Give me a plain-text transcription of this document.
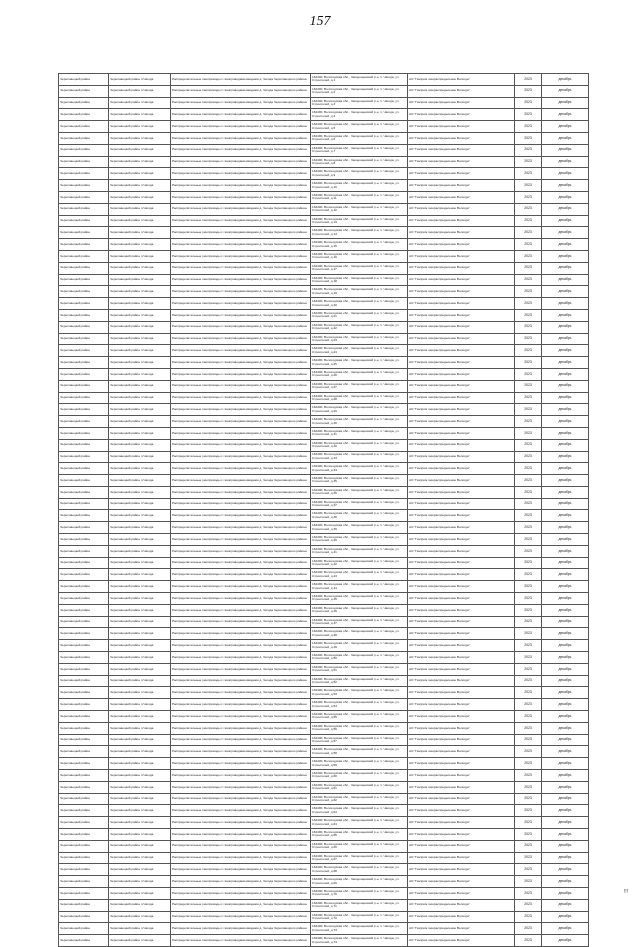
157
Череповецкий район	Череповецкий район п.Чагода	Распределительные газопроводы с газопроводами-вводами д. Чагода Череповецкого района	162400, Вологодская обл., Чагодощенский р-н, п. Чагода, ул. Строителей, д.1	АО "Газпром газораспределение Вологда"	2023	декабрь
Череповецкий район	Череповецкий район п.Чагода	Распределительные газопроводы с газопроводами-вводами д. Чагода Череповецкого района	162400, Вологодская обл., Чагодощенский р-н, п. Чагода, ул. Строителей, д.2	АО "Газпром газораспределение Вологда"	2023	декабрь
Череповецкий район	Череповецкий район п.Чагода	Распределительные газопроводы с газопроводами-вводами д. Чагода Череповецкого района	162400, Вологодская обл., Чагодощенский р-н, п. Чагода, ул. Строителей, д.3	АО "Газпром газораспределение Вологда"	2023	декабрь
Череповецкий район	Череповецкий район п.Чагода	Распределительные газопроводы с газопроводами-вводами д. Чагода Череповецкого района	162400, Вологодская обл., Чагодощенский р-н, п. Чагода, ул. Строителей, д.4	АО "Газпром газораспределение Вологда"	2023	декабрь
Череповецкий район	Череповецкий район п.Чагода	Распределительные газопроводы с газопроводами-вводами д. Чагода Череповецкого района	162400, Вологодская обл., Чагодощенский р-н, п. Чагода, ул. Строителей, д.5	АО "Газпром газораспределение Вологда"	2023	декабрь
Череповецкий район	Череповецкий район п.Чагода	Распределительные газопроводы с газопроводами-вводами д. Чагода Череповецкого района	162400, Вологодская обл., Чагодощенский р-н, п. Чагода, ул. Строителей, д.6	АО "Газпром газораспределение Вологда"	2023	декабрь
Череповецкий район	Череповецкий район п.Чагода	Распределительные газопроводы с газопроводами-вводами д. Чагода Череповецкого района	162400, Вологодская обл., Чагодощенский р-н, п. Чагода, ул. Строителей, д.7	АО "Газпром газораспределение Вологда"	2023	декабрь
Череповецкий район	Череповецкий район п.Чагода	Распределительные газопроводы с газопроводами-вводами д. Чагода Череповецкого района	162400, Вологодская обл., Чагодощенский р-н, п. Чагода, ул. Строителей, д.8	АО "Газпром газораспределение Вологда"	2023	декабрь
Череповецкий район	Череповецкий район п.Чагода	Распределительные газопроводы с газопроводами-вводами д. Чагода Череповецкого района	162400, Вологодская обл., Чагодощенский р-н, п. Чагода, ул. Строителей, д.9	АО "Газпром газораспределение Вологда"	2023	декабрь
Череповецкий район	Череповецкий район п.Чагода	Распределительные газопроводы с газопроводами-вводами д. Чагода Череповецкого района	162400, Вологодская обл., Чагодощенский р-н, п. Чагода, ул. Строителей, д.10	АО "Газпром газораспределение Вологда"	2023	декабрь
Череповецкий район	Череповецкий район п.Чагода	Распределительные газопроводы с газопроводами-вводами д. Чагода Череповецкого района	162400, Вологодская обл., Чагодощенский р-н, п. Чагода, ул. Строителей, д.11	АО "Газпром газораспределение Вологда"	2023	декабрь
Череповецкий район	Череповецкий район п.Чагода	Распределительные газопроводы с газопроводами-вводами д. Чагода Череповецкого района	162400, Вологодская обл., Чагодощенский р-н, п. Чагода, ул. Строителей, д.12	АО "Газпром газораспределение Вологда"	2023	декабрь
Череповецкий район	Череповецкий район п.Чагода	Распределительные газопроводы с газопроводами-вводами д. Чагода Череповецкого района	162400, Вологодская обл., Чагодощенский р-н, п. Чагода, ул. Строителей, д.13	АО "Газпром газораспределение Вологда"	2023	декабрь
Череповецкий район	Череповецкий район п.Чагода	Распределительные газопроводы с газопроводами-вводами д. Чагода Череповецкого района	162400, Вологодская обл., Чагодощенский р-н, п. Чагода, ул. Строителей, д.14	АО "Газпром газораспределение Вологда"	2023	декабрь
Череповецкий район	Череповецкий район п.Чагода	Распределительные газопроводы с газопроводами-вводами д. Чагода Череповецкого района	162400, Вологодская обл., Чагодощенский р-н, п. Чагода, ул. Строителей, д.15	АО "Газпром газораспределение Вологда"	2023	декабрь
Череповецкий район	Череповецкий район п.Чагода	Распределительные газопроводы с газопроводами-вводами д. Чагода Череповецкого района	162400, Вологодская обл., Чагодощенский р-н, п. Чагода, ул. Строителей, д.16	АО "Газпром газораспределение Вологда"	2023	декабрь
Череповецкий район	Череповецкий район п.Чагода	Распределительные газопроводы с газопроводами-вводами д. Чагода Череповецкого района	162400, Вологодская обл., Чагодощенский р-н, п. Чагода, ул. Строителей, д.17	АО "Газпром газораспределение Вологда"	2023	декабрь
Череповецкий район	Череповецкий район п.Чагода	Распределительные газопроводы с газопроводами-вводами д. Чагода Череповецкого района	162400, Вологодская обл., Чагодощенский р-н, п. Чагода, ул. Строителей, д.18	АО "Газпром газораспределение Вологда"	2023	декабрь
Череповецкий район	Череповецкий район п.Чагода	Распределительные газопроводы с газопроводами-вводами д. Чагода Череповецкого района	162400, Вологодская обл., Чагодощенский р-н, п. Чагода, ул. Строителей, д.19	АО "Газпром газораспределение Вологда"	2023	декабрь
Череповецкий район	Череповецкий район п.Чагода	Распределительные газопроводы с газопроводами-вводами д. Чагода Череповецкого района	162400, Вологодская обл., Чагодощенский р-н, п. Чагода, ул. Строителей, д.20	АО "Газпром газораспределение Вологда"	2023	декабрь
Череповецкий район	Череповецкий район п.Чагода	Распределительные газопроводы с газопроводами-вводами д. Чагода Череповецкого района	162400, Вологодская обл., Чагодощенский р-н, п. Чагода, ул. Строителей, д.21	АО "Газпром газораспределение Вологда"	2023	декабрь
Череповецкий район	Череповецкий район п.Чагода	Распределительные газопроводы с газопроводами-вводами д. Чагода Череповецкого района	162400, Вологодская обл., Чагодощенский р-н, п. Чагода, ул. Строителей, д.22	АО "Газпром газораспределение Вологда"	2023	декабрь
Череповецкий район	Череповецкий район п.Чагода	Распределительные газопроводы с газопроводами-вводами д. Чагода Череповецкого района	162400, Вологодская обл., Чагодощенский р-н, п. Чагода, ул. Строителей, д.23	АО "Газпром газораспределение Вологда"	2023	декабрь
Череповецкий район	Череповецкий район п.Чагода	Распределительные газопроводы с газопроводами-вводами д. Чагода Череповецкого района	162400, Вологодская обл., Чагодощенский р-н, п. Чагода, ул. Строителей, д.24	АО "Газпром газораспределение Вологда"	2023	декабрь
Череповецкий район	Череповецкий район п.Чагода	Распределительные газопроводы с газопроводами-вводами д. Чагода Череповецкого района	162400, Вологодская обл., Чагодощенский р-н, п. Чагода, ул. Строителей, д.25	АО "Газпром газораспределение Вологда"	2023	декабрь
Череповецкий район	Череповецкий район п.Чагода	Распределительные газопроводы с газопроводами-вводами д. Чагода Череповецкого района	162400, Вологодская обл., Чагодощенский р-н, п. Чагода, ул. Строителей, д.26	АО "Газпром газораспределение Вологда"	2023	декабрь
Череповецкий район	Череповецкий район п.Чагода	Распределительные газопроводы с газопроводами-вводами д. Чагода Череповецкого района	162400, Вологодская обл., Чагодощенский р-н, п. Чагода, ул. Строителей, д.27	АО "Газпром газораспределение Вологда"	2023	декабрь
Череповецкий район	Череповецкий район п.Чагода	Распределительные газопроводы с газопроводами-вводами д. Чагода Череповецкого района	162400, Вологодская обл., Чагодощенский р-н, п. Чагода, ул. Строителей, д.28	АО "Газпром газораспределение Вологда"	2023	декабрь
Череповецкий район	Череповецкий район п.Чагода	Распределительные газопроводы с газопроводами-вводами д. Чагода Череповецкого района	162400, Вологодская обл., Чагодощенский р-н, п. Чагода, ул. Строителей, д.29	АО "Газпром газораспределение Вологда"	2023	декабрь
Череповецкий район	Череповецкий район п.Чагода	Распределительные газопроводы с газопроводами-вводами д. Чагода Череповецкого района	162400, Вологодская обл., Чагодощенский р-н, п. Чагода, ул. Строителей, д.30	АО "Газпром газораспределение Вологда"	2023	декабрь
Череповецкий район	Череповецкий район п.Чагода	Распределительные газопроводы с газопроводами-вводами д. Чагода Череповецкого района	162400, Вологодская обл., Чагодощенский р-н, п. Чагода, ул. Строителей, д.31	АО "Газпром газораспределение Вологда"	2023	декабрь
Череповецкий район	Череповецкий район п.Чагода	Распределительные газопроводы с газопроводами-вводами д. Чагода Череповецкого района	162400, Вологодская обл., Чагодощенский р-н, п. Чагода, ул. Строителей, д.32	АО "Газпром газораспределение Вологда"	2023	декабрь
Череповецкий район	Череповецкий район п.Чагода	Распределительные газопроводы с газопроводами-вводами д. Чагода Череповецкого района	162400, Вологодская обл., Чагодощенский р-н, п. Чагода, ул. Строителей, д.33	АО "Газпром газораспределение Вологда"	2023	декабрь
Череповецкий район	Череповецкий район п.Чагода	Распределительные газопроводы с газопроводами-вводами д. Чагода Череповецкого района	162400, Вологодская обл., Чагодощенский р-н, п. Чагода, ул. Строителей, д.34	АО "Газпром газораспределение Вологда"	2023	декабрь
Череповецкий район	Череповецкий район п.Чагода	Распределительные газопроводы с газопроводами-вводами д. Чагода Череповецкого района	162400, Вологодская обл., Чагодощенский р-н, п. Чагода, ул. Строителей, д.35	АО "Газпром газораспределение Вологда"	2023	декабрь
Череповецкий район	Череповецкий район п.Чагода	Распределительные газопроводы с газопроводами-вводами д. Чагода Череповецкого района	162400, Вологодская обл., Чагодощенский р-н, п. Чагода, ул. Строителей, д.36	АО "Газпром газораспределение Вологда"	2023	декабрь
Череповецкий район	Череповецкий район п.Чагода	Распределительные газопроводы с газопроводами-вводами д. Чагода Череповецкого района	162400, Вологодская обл., Чагодощенский р-н, п. Чагода, ул. Строителей, д.37	АО "Газпром газораспределение Вологда"	2023	декабрь
Череповецкий район	Череповецкий район п.Чагода	Распределительные газопроводы с газопроводами-вводами д. Чагода Череповецкого района	162400, Вологодская обл., Чагодощенский р-н, п. Чагода, ул. Строителей, д.38	АО "Газпром газораспределение Вологда"	2023	декабрь
Череповецкий район	Череповецкий район п.Чагода	Распределительные газопроводы с газопроводами-вводами д. Чагода Череповецкого района	162400, Вологодская обл., Чагодощенский р-н, п. Чагода, ул. Строителей, д.39	АО "Газпром газораспределение Вологда"	2023	декабрь
Череповецкий район	Череповецкий район п.Чагода	Распределительные газопроводы с газопроводами-вводами д. Чагода Череповецкого района	162400, Вологодская обл., Чагодощенский р-н, п. Чагода, ул. Строителей, д.40	АО "Газпром газораспределение Вологда"	2023	декабрь
Череповецкий район	Череповецкий район п.Чагода	Распределительные газопроводы с газопроводами-вводами д. Чагода Череповецкого района	162400, Вологодская обл., Чагодощенский р-н, п. Чагода, ул. Строителей, д.41	АО "Газпром газораспределение Вологда"	2023	декабрь
Череповецкий район	Череповецкий район п.Чагода	Распределительные газопроводы с газопроводами-вводами д. Чагода Череповецкого района	162400, Вологодская обл., Чагодощенский р-н, п. Чагода, ул. Строителей, д.42	АО "Газпром газораспределение Вологда"	2023	декабрь
Череповецкий район	Череповецкий район п.Чагода	Распределительные газопроводы с газопроводами-вводами д. Чагода Череповецкого района	162400, Вологодская обл., Чагодощенский р-н, п. Чагода, ул. Строителей, д.43	АО "Газпром газораспределение Вологда"	2023	декабрь
Череповецкий район	Череповецкий район п.Чагода	Распределительные газопроводы с газопроводами-вводами д. Чагода Череповецкого района	162400, Вологодская обл., Чагодощенский р-н, п. Чагода, ул. Строителей, д.44	АО "Газпром газораспределение Вологда"	2023	декабрь
Череповецкий район	Череповецкий район п.Чагода	Распределительные газопроводы с газопроводами-вводами д. Чагода Череповецкого района	162400, Вологодская обл., Чагодощенский р-н, п. Чагода, ул. Строителей, д.45	АО "Газпром газораспределение Вологда"	2023	декабрь
Череповецкий район	Череповецкий район п.Чагода	Распределительные газопроводы с газопроводами-вводами д. Чагода Череповецкого района	162400, Вологодская обл., Чагодощенский р-н, п. Чагода, ул. Строителей, д.46	АО "Газпром газораспределение Вологда"	2023	декабрь
Череповецкий район	Череповецкий район п.Чагода	Распределительные газопроводы с газопроводами-вводами д. Чагода Череповецкого района	162400, Вологодская обл., Чагодощенский р-н, п. Чагода, ул. Строителей, д.47	АО "Газпром газораспределение Вологда"	2023	декабрь
Череповецкий район	Череповецкий район п.Чагода	Распределительные газопроводы с газопроводами-вводами д. Чагода Череповецкого района	162400, Вологодская обл., Чагодощенский р-н, п. Чагода, ул. Строителей, д.48	АО "Газпром газораспределение Вологда"	2023	декабрь
Череповецкий район	Череповецкий район п.Чагода	Распределительные газопроводы с газопроводами-вводами д. Чагода Череповецкого района	162400, Вологодская обл., Чагодощенский р-н, п. Чагода, ул. Строителей, д.49	АО "Газпром газораспределение Вологда"	2023	декабрь
Череповецкий район	Череповецкий район п.Чагода	Распределительные газопроводы с газопроводами-вводами д. Чагода Череповецкого района	162400, Вологодская обл., Чагодощенский р-н, п. Чагода, ул. Строителей, д.50	АО "Газпром газораспределение Вологда"	2023	декабрь
Череповецкий район	Череповецкий район п.Чагода	Распределительные газопроводы с газопроводами-вводами д. Чагода Череповецкого района	162400, Вологодская обл., Чагодощенский р-н, п. Чагода, ул. Строителей, д.51	АО "Газпром газораспределение Вологда"	2023	декабрь
Череповецкий район	Череповецкий район п.Чагода	Распределительные газопроводы с газопроводами-вводами д. Чагода Череповецкого района	162400, Вологодская обл., Чагодощенский р-н, п. Чагода, ул. Строителей, д.52	АО "Газпром газораспределение Вологда"	2023	декабрь
Череповецкий район	Череповецкий район п.Чагода	Распределительные газопроводы с газопроводами-вводами д. Чагода Череповецкого района	162400, Вологодская обл., Чагодощенский р-н, п. Чагода, ул. Строителей, д.53	АО "Газпром газораспределение Вологда"	2023	декабрь
Череповецкий район	Череповецкий район п.Чагода	Распределительные газопроводы с газопроводами-вводами д. Чагода Череповецкого района	162400, Вологодская обл., Чагодощенский р-н, п. Чагода, ул. Строителей, д.54	АО "Газпром газораспределение Вологда"	2023	декабрь
Череповецкий район	Череповецкий район п.Чагода	Распределительные газопроводы с газопроводами-вводами д. Чагода Череповецкого района	162400, Вологодская обл., Чагодощенский р-н, п. Чагода, ул. Строителей, д.55	АО "Газпром газораспределение Вологда"	2023	декабрь
Череповецкий район	Череповецкий район п.Чагода	Распределительные газопроводы с газопроводами-вводами д. Чагода Череповецкого района	162400, Вологодская обл., Чагодощенский р-н, п. Чагода, ул. Строителей, д.56	АО "Газпром газораспределение Вологда"	2023	декабрь
Череповецкий район	Череповецкий район п.Чагода	Распределительные газопроводы с газопроводами-вводами д. Чагода Череповецкого района	162400, Вологодская обл., Чагодощенский р-н, п. Чагода, ул. Строителей, д.57	АО "Газпром газораспределение Вологда"	2023	декабрь
Череповецкий район	Череповецкий район п.Чагода	Распределительные газопроводы с газопроводами-вводами д. Чагода Череповецкого района	162400, Вологодская обл., Чагодощенский р-н, п. Чагода, ул. Строителей, д.58	АО "Газпром газораспределение Вологда"	2023	декабрь
Череповецкий район	Череповецкий район п.Чагода	Распределительные газопроводы с газопроводами-вводами д. Чагода Череповецкого района	162400, Вологодская обл., Чагодощенский р-н, п. Чагода, ул. Строителей, д.59	АО "Газпром газораспределение Вологда"	2023	декабрь
Череповецкий район	Череповецкий район п.Чагода	Распределительные газопроводы с газопроводами-вводами д. Чагода Череповецкого района	162400, Вологодская обл., Чагодощенский р-н, п. Чагода, ул. Строителей, д.60	АО "Газпром газораспределение Вологда"	2023	декабрь
Череповецкий район	Череповецкий район п.Чагода	Распределительные газопроводы с газопроводами-вводами д. Чагода Череповецкого района	162400, Вологодская обл., Чагодощенский р-н, п. Чагода, ул. Строителей, д.61	АО "Газпром газораспределение Вологда"	2023	декабрь
Череповецкий район	Череповецкий район п.Чагода	Распределительные газопроводы с газопроводами-вводами д. Чагода Череповецкого района	162400, Вологодская обл., Чагодощенский р-н, п. Чагода, ул. Строителей, д.62	АО "Газпром газораспределение Вологда"	2023	декабрь
Череповецкий район	Череповецкий район п.Чагода	Распределительные газопроводы с газопроводами-вводами д. Чагода Череповецкого района	162400, Вологодская обл., Чагодощенский р-н, п. Чагода, ул. Строителей, д.63	АО "Газпром газораспределение Вологда"	2023	декабрь
Череповецкий район	Череповецкий район п.Чагода	Распределительные газопроводы с газопроводами-вводами д. Чагода Череповецкого района	162400, Вологодская обл., Чагодощенский р-н, п. Чагода, ул. Строителей, д.64	АО "Газпром газораспределение Вологда"	2023	декабрь
Череповецкий район	Череповецкий район п.Чагода	Распределительные газопроводы с газопроводами-вводами д. Чагода Череповецкого района	162400, Вологодская обл., Чагодощенский р-н, п. Чагода, ул. Строителей, д.65	АО "Газпром газораспределение Вологда"	2023	декабрь
Череповецкий район	Череповецкий район п.Чагода	Распределительные газопроводы с газопроводами-вводами д. Чагода Череповецкого района	162400, Вологодская обл., Чагодощенский р-н, п. Чагода, ул. Строителей, д.66	АО "Газпром газораспределение Вологда"	2023	декабрь
Череповецкий район	Череповецкий район п.Чагода	Распределительные газопроводы с газопроводами-вводами д. Чагода Череповецкого района	162400, Вологодская обл., Чагодощенский р-н, п. Чагода, ул. Строителей, д.67	АО "Газпром газораспределение Вологда"	2023	декабрь
Череповецкий район	Череповецкий район п.Чагода	Распределительные газопроводы с газопроводами-вводами д. Чагода Череповецкого района	162400, Вологодская обл., Чагодощенский р-н, п. Чагода, ул. Строителей, д.68	АО "Газпром газораспределение Вологда"	2023	декабрь
Череповецкий район	Череповецкий район п.Чагода	Распределительные газопроводы с газопроводами-вводами д. Чагода Череповецкого района	162400, Вологодская обл., Чагодощенский р-н, п. Чагода, ул. Строителей, д.69	АО "Газпром газораспределение Вологда"	2023	декабрь
Череповецкий район	Череповецкий район п.Чагода	Распределительные газопроводы с газопроводами-вводами д. Чагода Череповецкого района	162400, Вологодская обл., Чагодощенский р-н, п. Чагода, ул. Строителей, д.70	АО "Газпром газораспределение Вологда"	2023	декабрь
Череповецкий район	Череповецкий район п.Чагода	Распределительные газопроводы с газопроводами-вводами д. Чагода Череповецкого района	162400, Вологодская обл., Чагодощенский р-н, п. Чагода, ул. Строителей, д.71	АО "Газпром газораспределение Вологда"	2023	декабрь
Череповецкий район	Череповецкий район п.Чагода	Распределительные газопроводы с газопроводами-вводами д. Чагода Череповецкого района	162400, Вологодская обл., Чагодощенский р-н, п. Чагода, ул. Строителей, д.72	АО "Газпром газораспределение Вологда"	2023	декабрь
Череповецкий район	Череповецкий район п.Чагода	Распределительные газопроводы с газопроводами-вводами д. Чагода Череповецкого района	162400, Вологодская обл., Чагодощенский р-н, п. Чагода, ул. Строителей, д.73	АО "Газпром газораспределение Вологда"	2023	декабрь
Череповецкий район	Череповецкий район п.Чагода	Распределительные газопроводы с газопроводами-вводами д. Чагода Череповецкого района	162400, Вологодская обл., Чагодощенский р-н, п. Чагода, ул. Строителей, д.74	АО "Газпром газораспределение Вологда"	2023	декабрь
!!!
